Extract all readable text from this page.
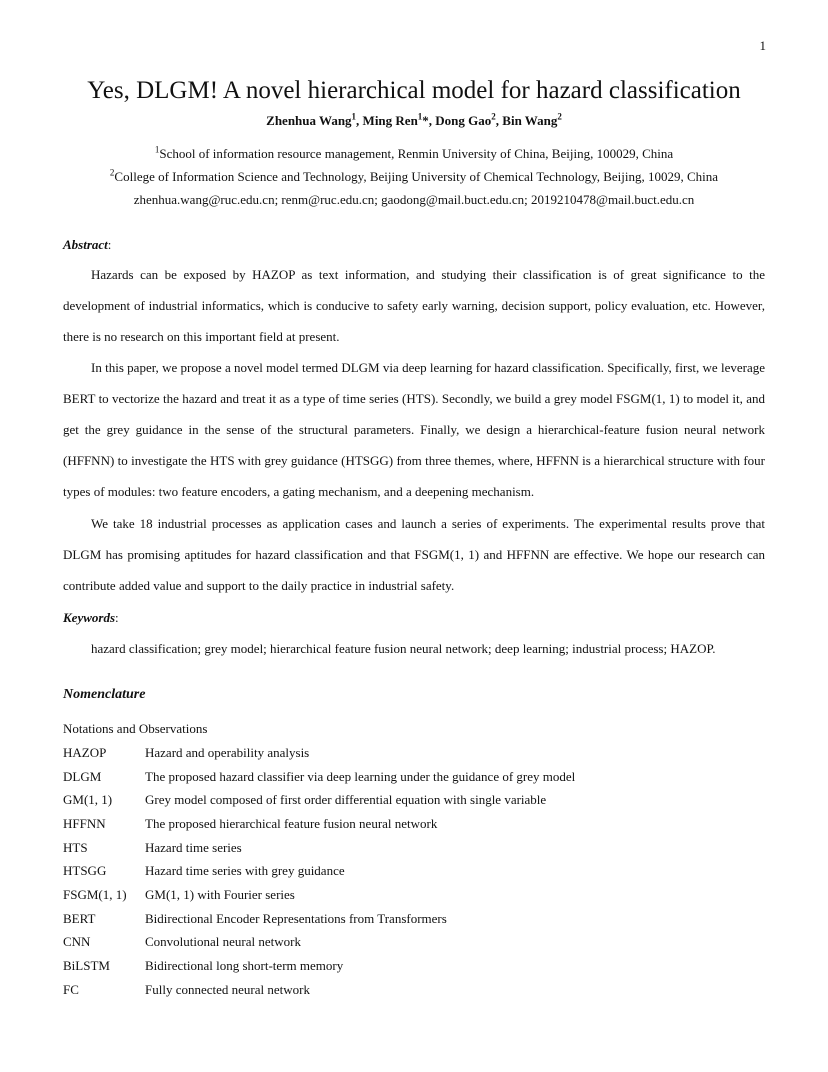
1
Yes, DLGM! A novel hierarchical model for hazard classification
Zhenhua Wang$^1$, Ming Ren$^1$*, Dong Gao$^2$, Bin Wang$^2$
$^1$School of information resource management, Renmin University of China, Beijing, 100029, China
$^2$College of Information Science and Technology, Beijing University of Chemical Technology, Beijing, 10029, China
zhenhua.wang@ruc.edu.cn; renm@ruc.edu.cn; gaodong@mail.buct.edu.cn; 2019210478@mail.buct.edu.cn
Abstract:
Hazards can be exposed by HAZOP as text information, and studying their classification is of great significance to the development of industrial informatics, which is conducive to safety early warning, decision support, policy evaluation, etc. However, there is no research on this important field at present.
In this paper, we propose a novel model termed DLGM via deep learning for hazard classification. Specifically, first, we leverage BERT to vectorize the hazard and treat it as a type of time series (HTS). Secondly, we build a grey model FSGM(1, 1) to model it, and get the grey guidance in the sense of the structural parameters. Finally, we design a hierarchical-feature fusion neural network (HFFNN) to investigate the HTS with grey guidance (HTSGG) from three themes, where, HFFNN is a hierarchical structure with four types of modules: two feature encoders, a gating mechanism, and a deepening mechanism.
We take 18 industrial processes as application cases and launch a series of experiments. The experimental results prove that DLGM has promising aptitudes for hazard classification and that FSGM(1, 1) and HFFNN are effective. We hope our research can contribute added value and support to the daily practice in industrial safety.
Keywords:
hazard classification; grey model; hierarchical feature fusion neural network; deep learning; industrial process; HAZOP.
Nomenclature
Notations and Observations
HAZOP	Hazard and operability analysis
DLGM	The proposed hazard classifier via deep learning under the guidance of grey model
GM(1, 1)	Grey model composed of first order differential equation with single variable
HFFNN	The proposed hierarchical feature fusion neural network
HTS	Hazard time series
HTSGG	Hazard time series with grey guidance
FSGM(1, 1)	GM(1, 1) with Fourier series
BERT	Bidirectional Encoder Representations from Transformers
CNN	Convolutional neural network
BiLSTM	Bidirectional long short-term memory
FC	Fully connected neural network
